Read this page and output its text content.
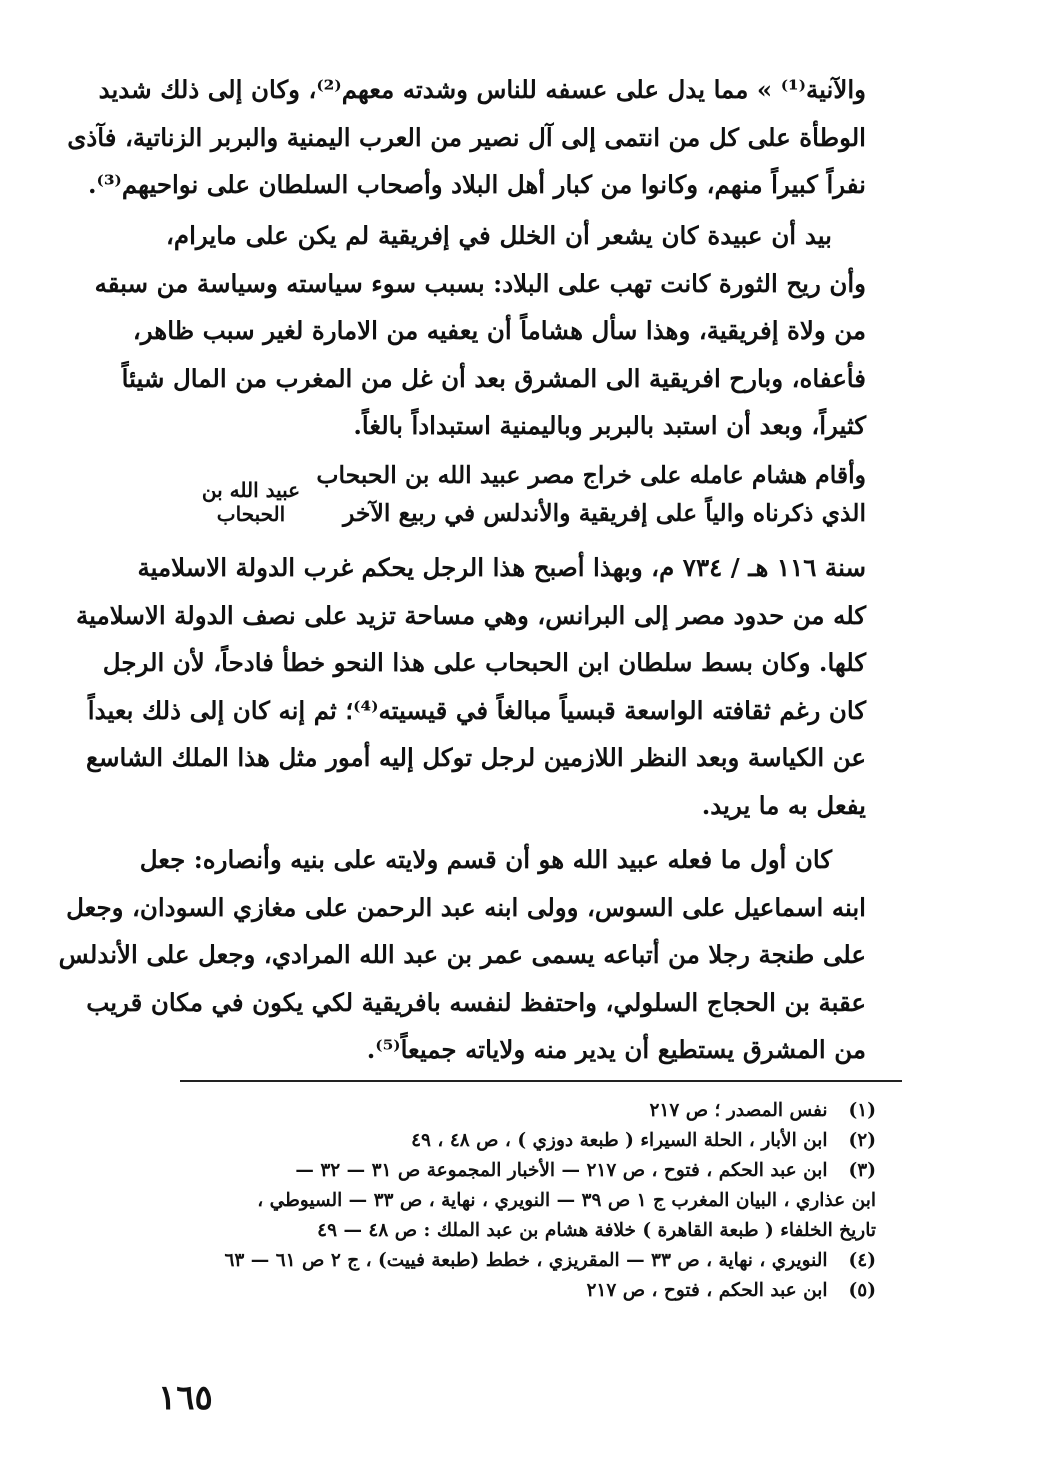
والآنية⁽¹⁾ » مما يدل على عسفه للناس وشدته معهم⁽²⁾، وكان إلى ذلك شديد
الوطأة على كل من انتمى إلى آل نصير من العرب اليمنية والبربر الزناتية، فآذى
نفراً كبيراً منهم، وكانوا من كبار أهل البلاد وأصحاب السلطان على نواحيهم⁽³⁾.
بيد أن عبيدة كان يشعر أن الخلل في إفريقية لم يكن على مايرام،
وأن ريح الثورة كانت تهب على البلاد: بسبب سوء سياسته وسياسة من سبقه
من ولاة إفريقية، وهذا سأل هشاماً أن يعفيه من الامارة لغير سبب ظاهر،
فأعفاه، وبارح افريقية الى المشرق بعد أن غل من المغرب من المال شيئاً
كثيراً، وبعد أن استبد بالبربر وباليمنية استبداداً بالغاً.
وأقام هشام عامله على خراج مصر عبيد الله بن الحبحاب
الذي ذكرناه والياً على إفريقية والأندلس في ربيع الآخر
عبيد الله بن الحبحاب
سنة ١١٦ هـ / ٧٣٤ م، وبهذا أصبح هذا الرجل يحكم غرب الدولة الاسلامية
كله من حدود مصر إلى البرانس، وهي مساحة تزيد على نصف الدولة الاسلامية
كلها. وكان بسط سلطان ابن الحبحاب على هذا النحو خطأ فادحاً، لأن الرجل
كان رغم ثقافته الواسعة قبسياً مبالغاً في قيسيته⁽⁴⁾؛ ثم إنه كان إلى ذلك بعيداً
عن الكياسة وبعد النظر اللازمين لرجل توكل إليه أمور مثل هذا الملك الشاسع
يفعل به ما يريد.
كان أول ما فعله عبيد الله هو أن قسم ولايته على بنيه وأنصاره: جعل
ابنه اسماعيل على السوس، وولى ابنه عبد الرحمن على مغازي السودان، وجعل
على طنجة رجلا من أتباعه يسمى عمر بن عبد الله المرادي، وجعل على الأندلس
عقبة بن الحجاج السلولي، واحتفظ لنفسه بافريقية لكي يكون في مكان قريب
من المشرق يستطيع أن يدير منه ولاياته جميعاً⁽⁵⁾.
(١) نفس المصدر ؛ ص ٢١٧
(٢) ابن الأبار ، الحلة السيراء ( طبعة دوزي ) ، ص ٤٨ ، ٤٩
(٣) ابن عبد الحكم ، فتوح ، ص ٢١٧ — الأخبار المجموعة ص ٣١ — ٣٢ —
ابن عذاري ، البيان المغرب ج ١ ص ٣٩ — النويري ، نهاية ، ص ٣٣ — السيوطي ،
تاريخ الخلفاء ( طبعة القاهرة ) خلافة هشام بن عبد الملك : ص ٤٨ — ٤٩
(٤) النويري ، نهاية ، ص ٣٣ — المقريزي ، خطط (طبعة فييت) ، ج ٢ ص ٦١ — ٦٣
(٥) ابن عبد الحكم ، فتوح ، ص ٢١٧
١٦٥
